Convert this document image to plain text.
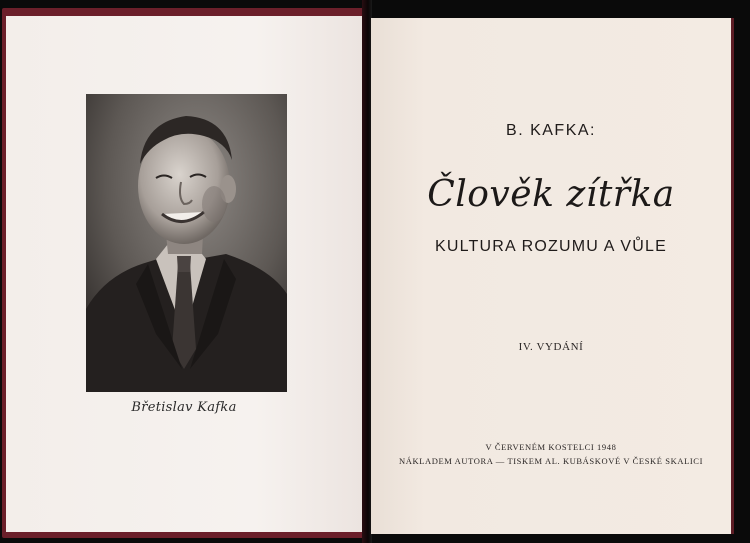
Břetislav Kafka
B. KAFKA:
Člověk zítřka
KULTURA ROZUMU A VŮLE
IV. VYDÁNÍ
V ČERVENÉM KOSTELCI 1948
NÁKLADEM AUTORA — TISKEM AL. KUBÁSKOVÉ V ČESKÉ SKALICI
